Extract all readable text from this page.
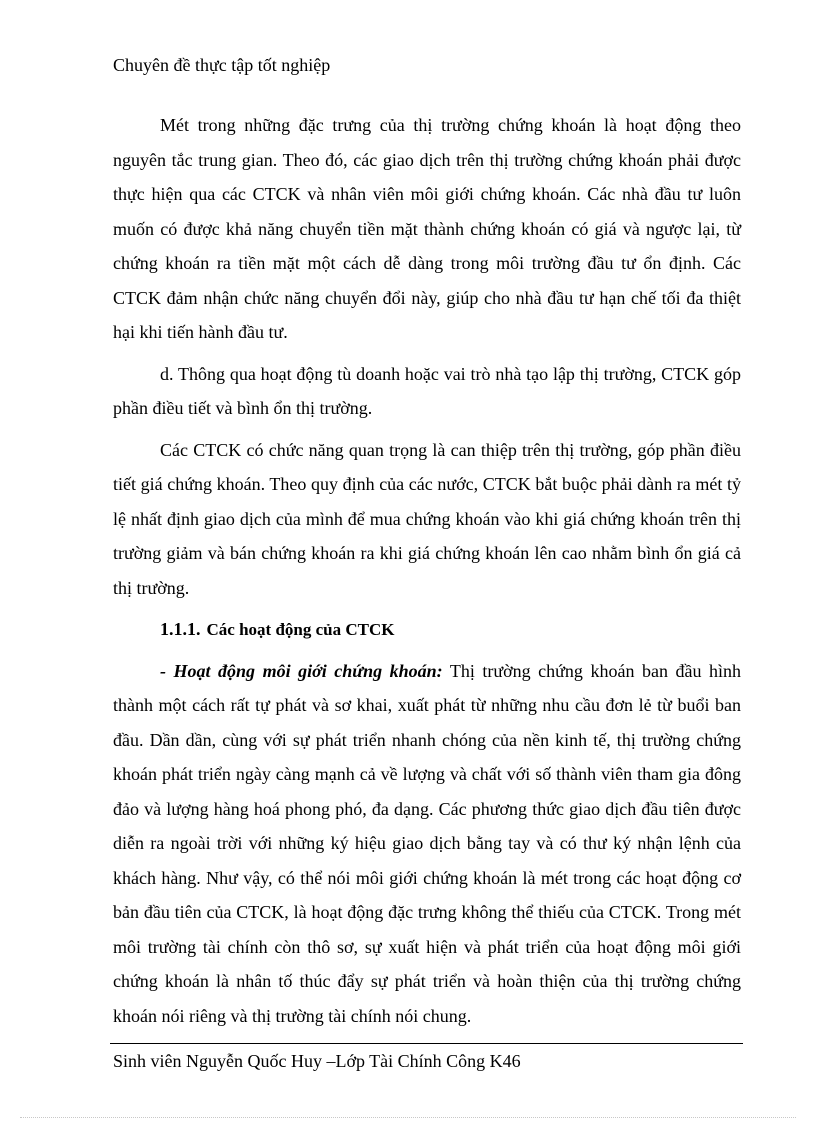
Chuyên đề thực tập tốt nghiệp

Mét trong những đặc trưng của thị trường chứng khoán là hoạt động theo nguyên tắc trung gian. Theo đó, các giao dịch trên thị trường chứng khoán phải được thực hiện qua các CTCK và nhân viên môi giới chứng khoán. Các nhà đầu tư luôn muốn có được khả năng chuyển tiền mặt thành chứng khoán có giá và ngược lại, từ chứng khoán ra tiền mặt một cách dễ dàng trong môi trường đầu tư ổn định. Các CTCK đảm nhận chức năng chuyển đổi này, giúp cho nhà đầu tư hạn chế tối đa thiệt hại khi tiến hành đầu tư.

d. Thông qua hoạt động tù doanh hoặc vai trò nhà tạo lập thị trường, CTCK góp phần điều tiết và bình ổn thị trường.

Các CTCK có chức năng quan trọng là can thiệp trên thị trường, góp phần điều tiết giá chứng khoán. Theo quy định của các nước, CTCK bắt buộc phải dành ra mét tỷ lệ nhất định giao dịch của mình để mua chứng khoán vào khi giá chứng khoán trên thị trường giảm và bán chứng khoán ra khi giá chứng khoán lên cao nhằm bình ổn giá cả thị trường.

1.1.1. Các hoạt động của CTCK

- Hoạt động môi giới chứng khoán: Thị trường chứng khoán ban đầu hình thành một cách rất tự phát và sơ khai, xuất phát từ những nhu cầu đơn lẻ từ buổi ban đầu. Dần dần, cùng với sự phát triển nhanh chóng của nền kinh tế, thị trường chứng khoán phát triển ngày càng mạnh cả về lượng và chất với số thành viên tham gia đông đảo và lượng hàng hoá phong phó, đa dạng. Các phương thức giao dịch đầu tiên được diễn ra ngoài trời với những ký hiệu giao dịch bằng tay và có thư ký nhận lệnh của khách hàng. Như vậy, có thể nói môi giới chứng khoán là mét trong các hoạt động cơ bản đầu tiên của CTCK, là hoạt động đặc trưng không thể thiếu của CTCK. Trong mét môi trường tài chính còn thô sơ, sự xuất hiện và phát triển của hoạt động môi giới chứng khoán là nhân tố thúc đẩy sự phát triển và hoàn thiện của thị trường chứng khoán nói riêng và thị trường tài chính nói chung.

Sinh viên Nguyễn Quốc Huy –Lớp Tài Chính Công K46
